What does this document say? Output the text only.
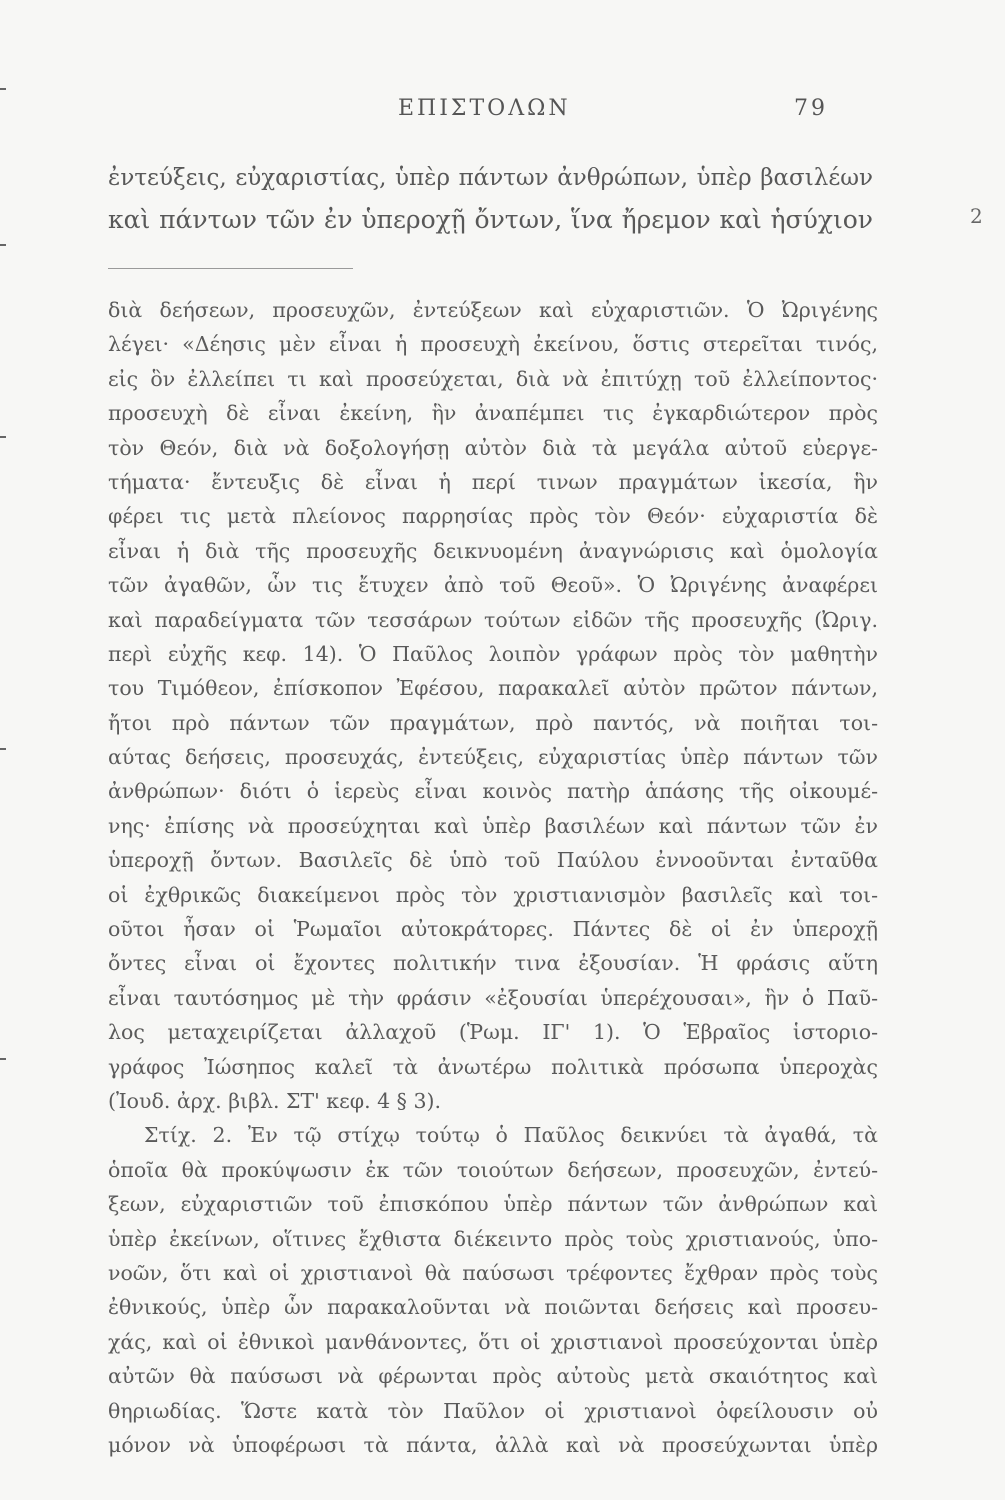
ΕΠΙΣΤΟΛΩΝ	79
ἐντεύξεις, εὐχαριστίας, ὑπὲρ πάντων ἀνθρώπων, ὑπὲρ βασιλέων
καὶ πάντων τῶν ἐν ὑπεροχῇ ὄντων, ἵνα ἤρεμον καὶ ἡσύχιον	2
διὰ δεήσεων, προσευχῶν, ἐντεύξεων καὶ εὐχαριστιῶν. Ὁ Ὠριγένης
λέγει· «Δέησις μὲν εἶναι ἡ προσευχὴ ἐκείνου, ὅστις στερεῖται τινός,
εἰς ὃν ἐλλείπει τι καὶ προσεύχεται, διὰ νὰ ἐπιτύχῃ τοῦ ἐλλείποντος·
προσευχὴ δὲ εἶναι ἐκείνη, ἣν ἀναπέμπει τις ἐγκαρδιώτερον πρὸς
τὸν Θεόν, διὰ νὰ δοξολογήσῃ αὐτὸν διὰ τὰ μεγάλα αὐτοῦ εὐεργε-
τήματα· ἔντευξις δὲ εἶναι ἡ περί τινων πραγμάτων ἱκεσία, ἣν
φέρει τις μετὰ πλείονος παρρησίας πρὸς τὸν Θεόν· εὐχαριστία δὲ
εἶναι ἡ διὰ τῆς προσευχῆς δεικνυομένη ἀναγνώρισις καὶ ὁμολογία
τῶν ἀγαθῶν, ὧν τις ἔτυχεν ἀπὸ τοῦ Θεοῦ». Ὁ Ὠριγένης ἀναφέρει
καὶ παραδείγματα τῶν τεσσάρων τούτων εἰδῶν τῆς προσευχῆς (Ὠριγ.
περὶ εὐχῆς κεφ. 14). Ὁ Παῦλος λοιπὸν γράφων πρὸς τὸν μαθητὴν
του Τιμόθεον, ἐπίσκοπον Ἐφέσου, παρακαλεῖ αὐτὸν πρῶτον πάντων,
ἤτοι πρὸ πάντων τῶν πραγμάτων, πρὸ παντός, νὰ ποιῆται τοι-
αύτας δεήσεις, προσευχάς, ἐντεύξεις, εὐχαριστίας ὑπὲρ πάντων τῶν
ἀνθρώπων· διότι ὁ ἱερεὺς εἶναι κοινὸς πατὴρ ἁπάσης τῆς οἰκουμέ-
νης· ἐπίσης νὰ προσεύχηται καὶ ὑπὲρ βασιλέων καὶ πάντων τῶν ἐν
ὑπεροχῇ ὄντων. Βασιλεῖς δὲ ὑπὸ τοῦ Παύλου ἐννοοῦνται ἐνταῦθα
οἱ ἐχθρικῶς διακείμενοι πρὸς τὸν χριστιανισμὸν βασιλεῖς καὶ τοι-
οῦτοι ἦσαν οἱ Ῥωμαῖοι αὐτοκράτορες. Πάντες δὲ οἱ ἐν ὑπεροχῇ
ὄντες εἶναι οἱ ἔχοντες πολιτικήν τινα ἐξουσίαν. Ἡ φράσις αὕτη
εἶναι ταυτόσημος μὲ τὴν φράσιν «ἐξουσίαι ὑπερέχουσαι», ἣν ὁ Παῦ-
λος μεταχειρίζεται ἀλλαχοῦ (Ῥωμ. ΙΓ' 1). Ὁ Ἑβραῖος ἱστοριο-
γράφος Ἰώσηπος καλεῖ τὰ ἀνωτέρω πολιτικὰ πρόσωπα ὑπεροχὰς
(Ἰουδ. ἀρχ. βιβλ. ΣΤ' κεφ. 4 § 3).
Στίχ. 2. Ἐν τῷ στίχῳ τούτῳ ὁ Παῦλος δεικνύει τὰ ἀγαθά, τὰ
ὁποῖα θὰ προκύψωσιν ἐκ τῶν τοιούτων δεήσεων, προσευχῶν, ἐντεύ-
ξεων, εὐχαριστιῶν τοῦ ἐπισκόπου ὑπὲρ πάντων τῶν ἀνθρώπων καὶ
ὑπὲρ ἐκείνων, οἵτινες ἔχθιστα διέκειντο πρὸς τοὺς χριστιανούς, ὑπο-
νοῶν, ὅτι καὶ οἱ χριστιανοὶ θὰ παύσωσι τρέφοντες ἔχθραν πρὸς τοὺς
ἐθνικούς, ὑπὲρ ὧν παρακαλοῦνται νὰ ποιῶνται δεήσεις καὶ προσευ-
χάς, καὶ οἱ ἐθνικοὶ μανθάνοντες, ὅτι οἱ χριστιανοὶ προσεύχονται ὑπὲρ
αὐτῶν θὰ παύσωσι νὰ φέρωνται πρὸς αὐτοὺς μετὰ σκαιότητος καὶ
θηριωδίας. Ὥστε κατὰ τὸν Παῦλον οἱ χριστιανοὶ ὀφείλουσιν οὐ
μόνον νὰ ὑποφέρωσι τὰ πάντα, ἀλλὰ καὶ νὰ προσεύχωνται ὑπὲρ
